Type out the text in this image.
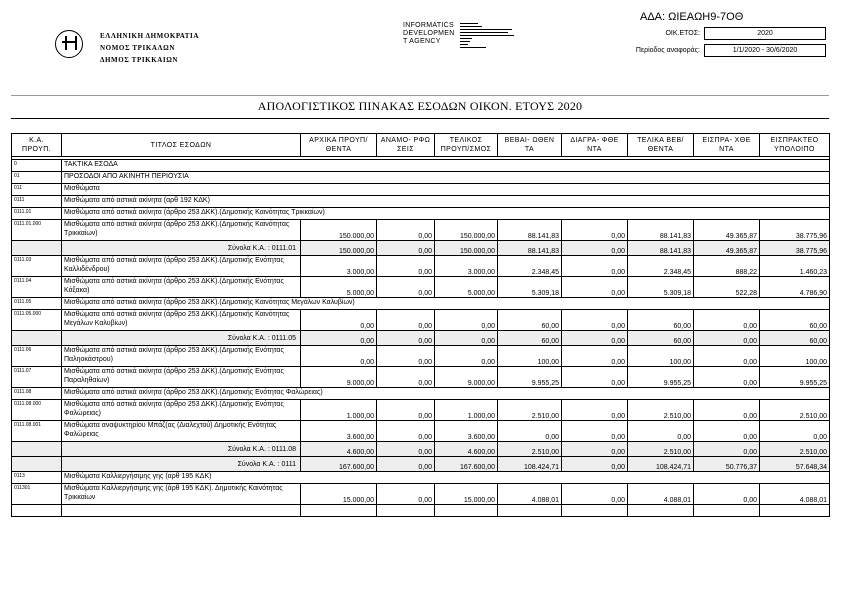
ΕΛΛΗΝΙΚΗ ΔΗΜΟΚΡΑΤΙΑ
ΝΟΜΟΣ ΤΡΙΚΑΛΩΝ
ΔΗΜΟΣ ΤΡΙΚΚΑΙΩΝ
INFORMATICS
DEVELOPMEN
T AGENCY
ΑΔΑ: ΩΙΕΑΩΗ9-7ΟΘ
ΟΙΚ.ΕΤΟΣ:	2020
Περίοδος αναφοράς:	1/1/2020 - 30/6/2020
ΑΠΟΛΟΓΙΣΤΙΚΟΣ ΠΙΝΑΚΑΣ ΕΣΟΔΩΝ ΟΙΚΟΝ. ΕΤΟΥΣ 2020
Κ.Α. ΠΡΟΥΠ.	ΤΙΤΛΟΣ ΕΣΟΔΩΝ	ΑΡΧΙΚΑ ΠΡΟΥΠ/ΘΕΝΤΑ	ΑΝΑΜΟ- ΡΦΩ ΣΕΙΣ	ΤΕΛΙΚΟΣ ΠΡΟΥΠ/ΣΜΟΣ	ΒΕΒΑΙ- ΩΘΕΝ ΤΑ	ΔΙΑΓΡΑ- ΦΘΕ ΝΤΑ	ΤΕΛΙΚΑ ΒΕΒ/ΘΕΝΤΑ	ΕΙΣΠΡΑ- ΧΘΕ ΝΤΑ	ΕΙΣΠΡΑΚΤΕΟ ΥΠΟΛΟΙΠΟ

0	ΤΑΚΤΙΚΑ ΕΣΟΔΑ								
01	ΠΡΟΣΟΔΟΙ ΑΠΟ ΑΚΙΝΗΤΗ ΠΕΡΙΟΥΣΙΑ								
011	Μισθώματα								
0111	Μισθώματα από αστικά ακίνητα (αρθ 192 ΚΔΚ)								
0111.01	Μισθώματα από αστικά ακίνητα (άρθρο 253 ΔΚΚ).(Δημοτικής Καινότητας Τρικκαίων)								
0111.01.000	Μισθώματα από αστικά ακίνητα (άρθρο 253 ΔΚΚ).(Δημοτικής Καινότητας Τρικκαίων)	150.000,00	0,00	150.000,00	88.141,83	0,00	88.141,83	49.365,87	38.775,96
	Σύνολα Κ.Α. : 0111.01	150.000,00	0,00	150.000,00	88.141,83	0,00	88.141,83	49.365,87	38.775,96
0111.03	Μισθώματα από αστικά ακίνητα (άρθρο 253 ΔΚΚ).(Δημοτικής Ενότητας Καλλιδένδρου)	3.000,00	0,00	3.000,00	2.348,45	0,00	2.348,45	888,22	1.460,23
0111.04	Μισθώματα από αστικά ακίνητα (άρθρο 253 ΔΚΚ).(Δημοτικής Ενότητας Κάξακα)	5.000,00	0,00	5.000,00	5.309,18	0,00	5.309,18	522,28	4.786,90
0111.05	Μισθώματα από αστικά ακίνητα (άρθρο 253 ΔΚΚ).(Δημοτικής Καινότητας Μεγάλων Καλυβίων)								
0111.05.000	Μισθώματα από αστικά ακίνητα (άρθρο 253 ΔΚΚ).(Δημοτικής Καινότητας Μεγάλων Καλυβίων)	0,00	0,00	0,00	60,00	0,00	60,00	0,00	60,00
	Σύνολα Κ.Α. : 0111.05	0,00	0,00	0,00	60,00	0,00	60,00	0,00	60,00
0111.06	Μισθώματα από αστικά ακίνητα (άρθρο 253 ΔΚΚ).(Δημοτικής Ενότητας Παληοκάστρου)	0,00	0,00	0,00	100,00	0,00	100,00	0,00	100,00
0111.07	Μισθώματα από αστικά ακίνητα (άρθρο 253 ΔΚΚ).(Δημοτικής Ενότητας Παραληθαίων)	9.000,00	0,00	9.000,00	9.955,25	0,00	9.955,25	0,00	9.955,25
0111.08	Μισθώματα από αστικά ακίνητα (άρθρο 253 ΔΚΚ).(Δημοτικής Ενότητας Φαλώρειας)								
0111.08.000	Μισθώματα από αστικά ακίνητα (άρθρο 253 ΔΚΚ).(Δημοτικής Ενότητας Φαλώρειας)	1.000,00	0,00	1.000,00	2.510,00	0,00	2.510,00	0,00	2.510,00
0111.08.001	Μισθώματα αναψυκτηρίου Μπάζ(ας (Διαλεχτού) Δημοτικής Ενότητας Φαλώρειας	3.600,00	0,00	3.600,00	0,00	0,00	0,00	0,00	0,00
	Σύνολα Κ.Α. : 0111.08	4.600,00	0,00	4.600,00	2.510,00	0,00	2.510,00	0,00	2.510,00
	Σύνολα Κ.Α. : 0111	167.600,00	0,00	167.600,00	108.424,71	0,00	108.424,71	50.776,37	57.648,34
0113	Μισθώματα Καλλιεργήσιμης γης (αρθ 195 ΚΔΚ)								
011301	Μισθώματα Καλλιεργήσιμης γης (άρθ 195 ΚΔΚ). Δημοτικής Καινότητας Τρικκαίων	15.000,00	0,00	15.000,00	4.088,01	0,00	4.088,01	0,00	4.088,01
